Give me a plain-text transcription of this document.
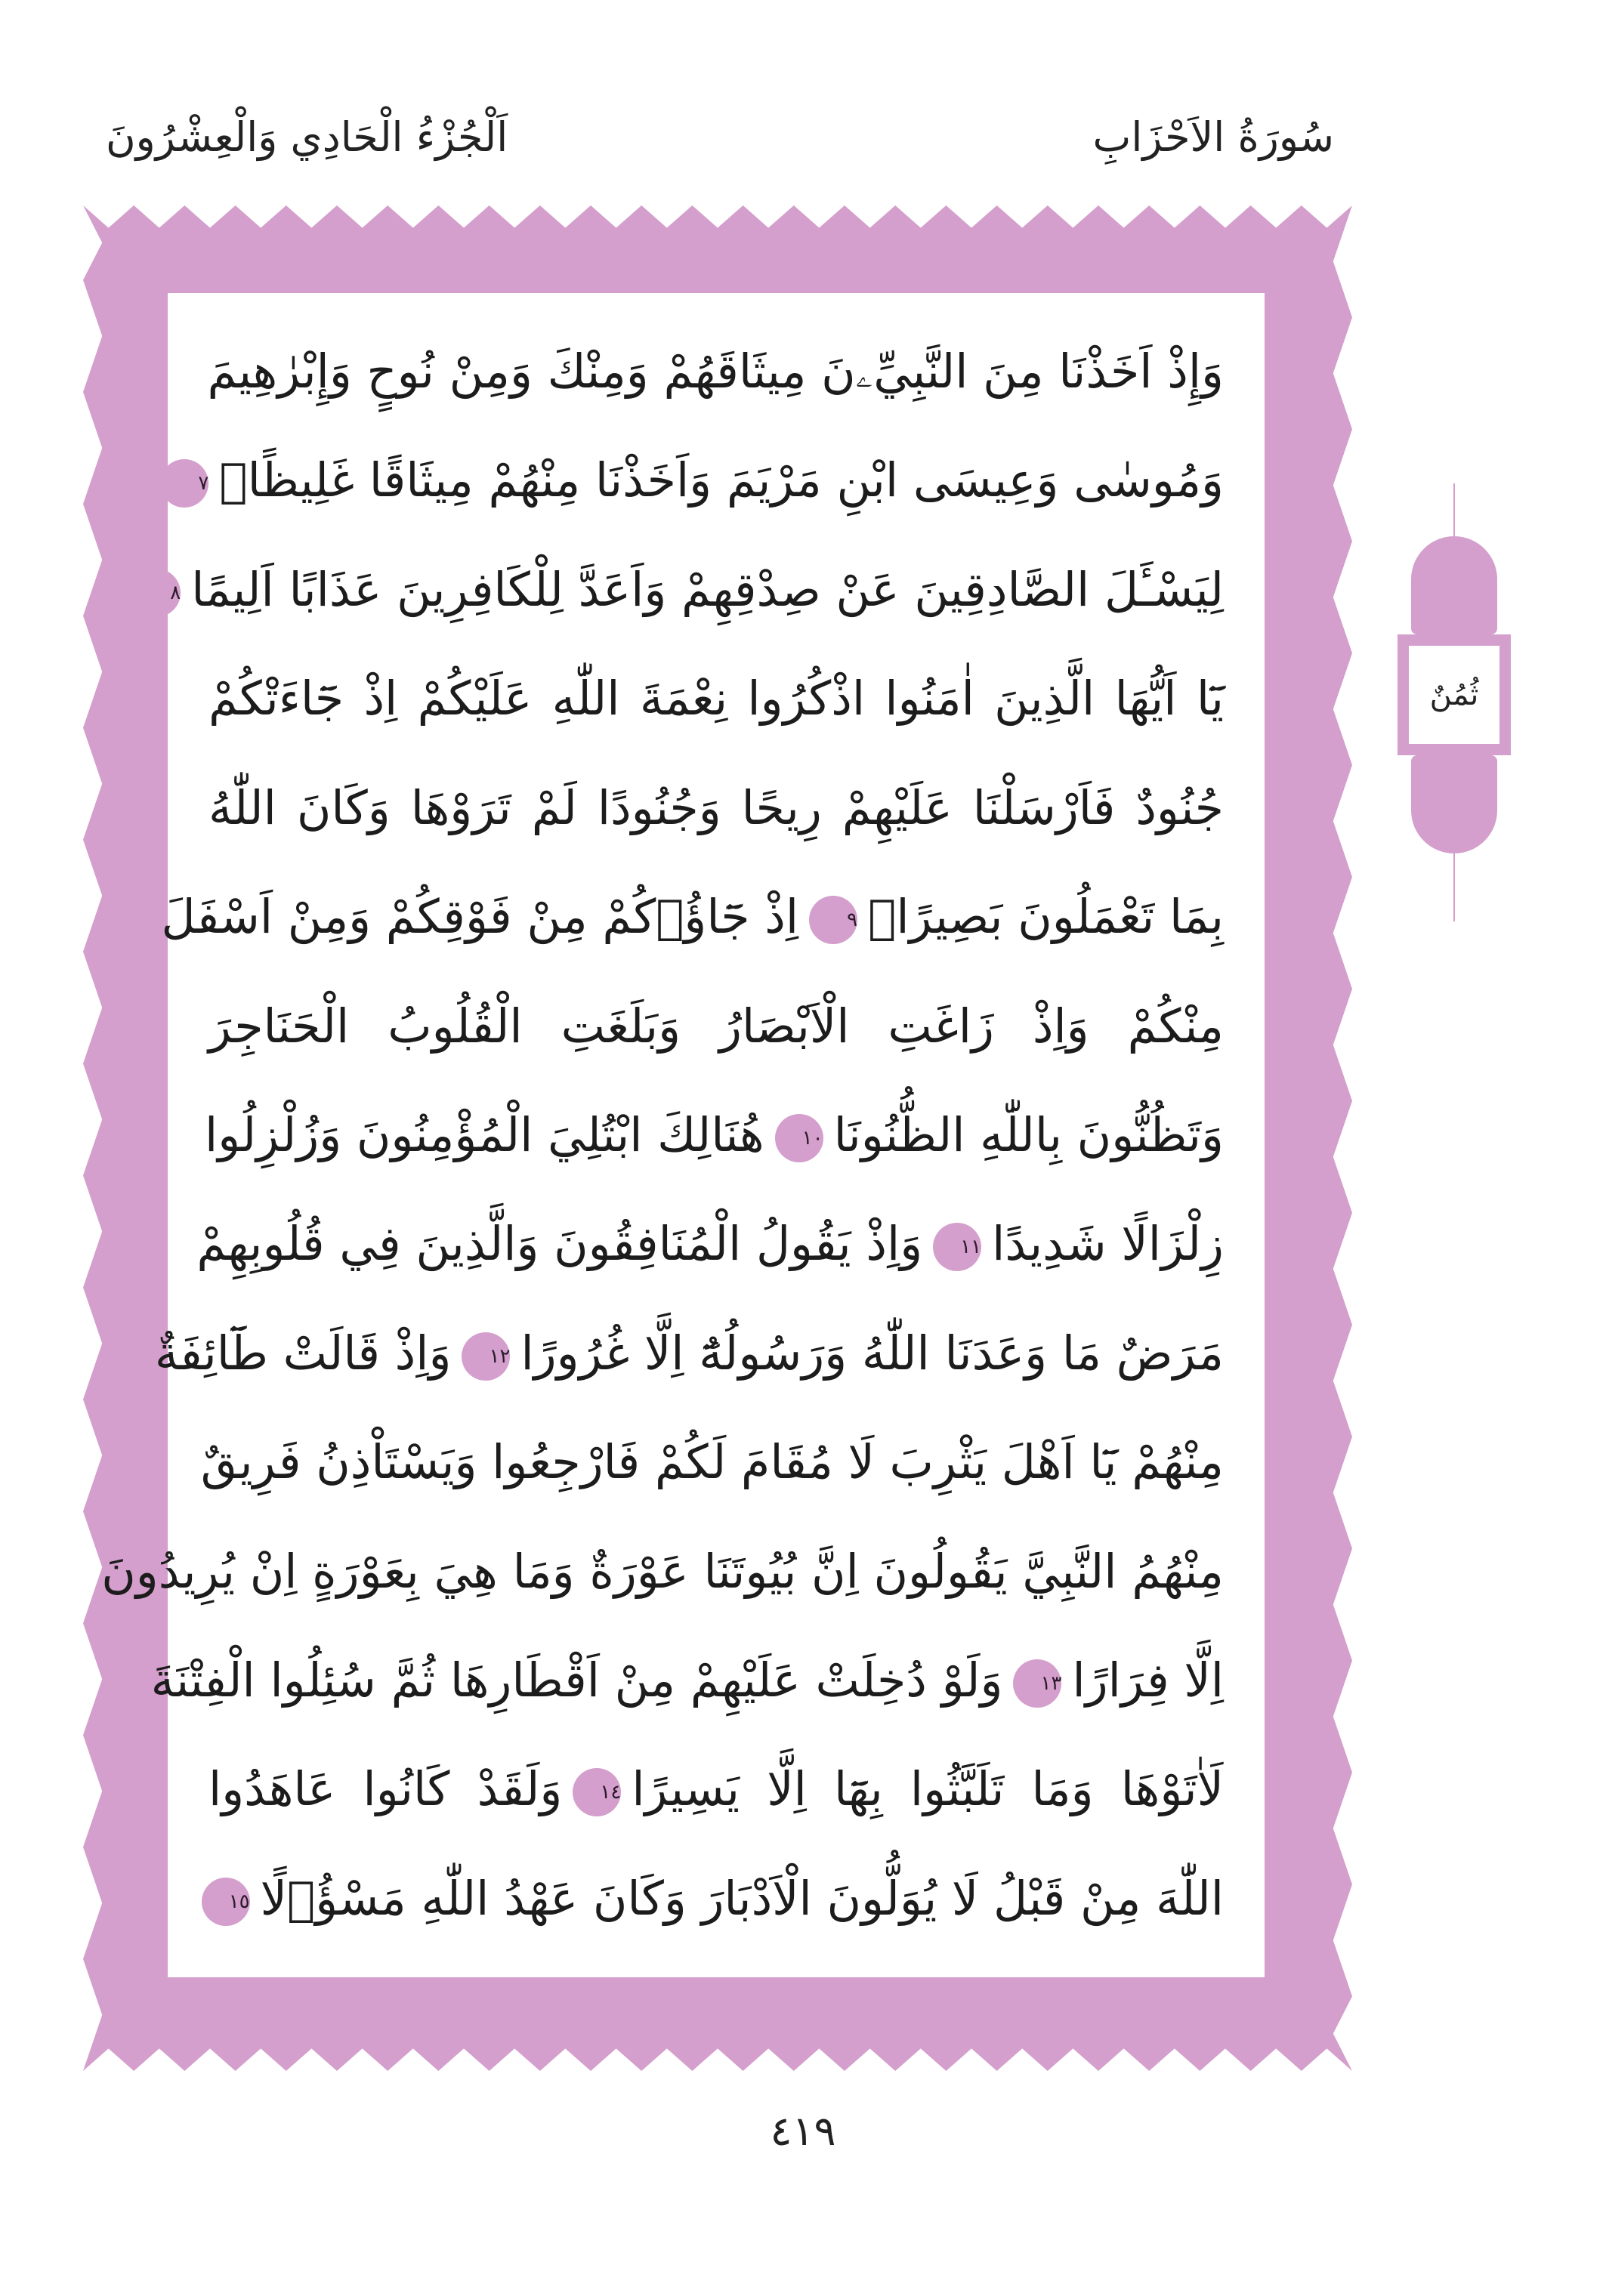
سُورَةُ الاَحْزَابِ
اَلْجُزْءُ الْحَادِي وَالْعِشْرُونَ
وَإِذْ اَخَذْنَا مِنَ النَّبِيِّۦنَ مِيثَاقَهُمْ وَمِنْكَ وَمِنْ نُوحٍ وَإِبْرٰهِيمَ
وَمُوسٰى وَعِيسَى ابْنِ مَرْيَمَ وَاَخَذْنَا مِنْهُمْ مِيثَاقًا غَلِيظًاۙ٧
لِيَسْـَٔلَ الصَّادِقِينَ عَنْ صِدْقِهِمْ وَاَعَدَّ لِلْكَافِرِينَ عَذَابًا اَلِيمًا٨
يَٓا اَيُّهَا الَّذِينَ اٰمَنُوا اذْكُرُوا نِعْمَةَ اللّٰهِ عَلَيْكُمْ اِذْ جَٓاءَتْكُمْ
جُنُودٌ فَاَرْسَلْنَا عَلَيْهِمْ رِيحًا وَجُنُودًا لَمْ تَرَوْهَا وَكَانَ اللّٰهُ
بِمَا تَعْمَلُونَ بَصِيرًاۚ٩اِذْ جَٓاؤُ۫كُمْ مِنْ فَوْقِكُمْ وَمِنْ اَسْفَلَ
مِنْكُمْ وَاِذْ زَاغَتِ الْاَبْصَارُ وَبَلَغَتِ الْقُلُوبُ الْحَنَاجِرَ
وَتَظُنُّونَ بِاللّٰهِ الظُّنُونَا١٠هُنَالِكَ ابْتُلِيَ الْمُؤْمِنُونَ وَزُلْزِلُوا
زِلْزَالًا شَدِيدًا١١وَاِذْ يَقُولُ الْمُنَافِقُونَ وَالَّذِينَ فِي قُلُوبِهِمْ
مَرَضٌ مَا وَعَدَنَا اللّٰهُ وَرَسُولُهُٓ اِلَّا غُرُورًا١٢وَاِذْ قَالَتْ طَٓائِفَةٌ
مِنْهُمْ يَٓا اَهْلَ يَثْرِبَ لَا مُقَامَ لَكُمْ فَارْجِعُوا وَيَسْتَاْذِنُ فَرِيقٌ
مِنْهُمُ النَّبِيَّ يَقُولُونَ اِنَّ بُيُوتَنَا عَوْرَةٌ وَمَا هِيَ بِعَوْرَةٍ اِنْ يُرِيدُونَ
اِلَّا فِرَارًا١٣وَلَوْ دُخِلَتْ عَلَيْهِمْ مِنْ اَقْطَارِهَا ثُمَّ سُئِلُوا الْفِتْنَةَ
لَاٰتَوْهَا وَمَا تَلَبَّثُوا بِهَٓا اِلَّا يَسِيرًا١٤وَلَقَدْ كَانُوا عَاهَدُوا
اللّٰهَ مِنْ قَبْلُ لَا يُوَلُّونَ الْاَدْبَارَ وَكَانَ عَهْدُ اللّٰهِ مَسْؤُ۫لًا١٥
ثُمُنٌ
٤١٩
